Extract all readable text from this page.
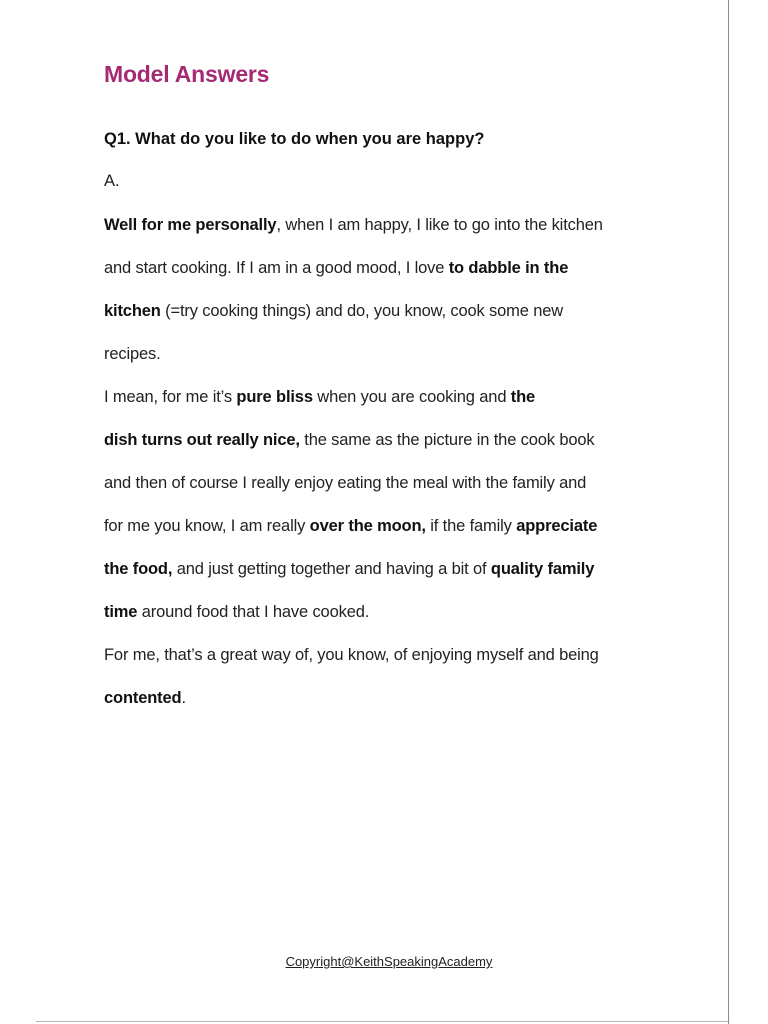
Model Answers

Q1. What do you like to do when you are happy?

A.

Well for me personally, when I am happy, I like to go into the kitchen
and start cooking. If I am in a good mood, I love to dabble in the
kitchen (=try cooking things) and do, you know, cook some new
recipes.
I mean, for me it’s pure bliss when you are cooking and the
dish turns out really nice, the same as the picture in the cook book
and then of course I really enjoy eating the meal with the family and
for me you know, I am really over the moon, if the family appreciate
the food, and just getting together and having a bit of quality family
time around food that I have cooked.
For me, that’s a great way of, you know, of enjoying myself and being
contented.
Copyright@KeithSpeakingAcademy
